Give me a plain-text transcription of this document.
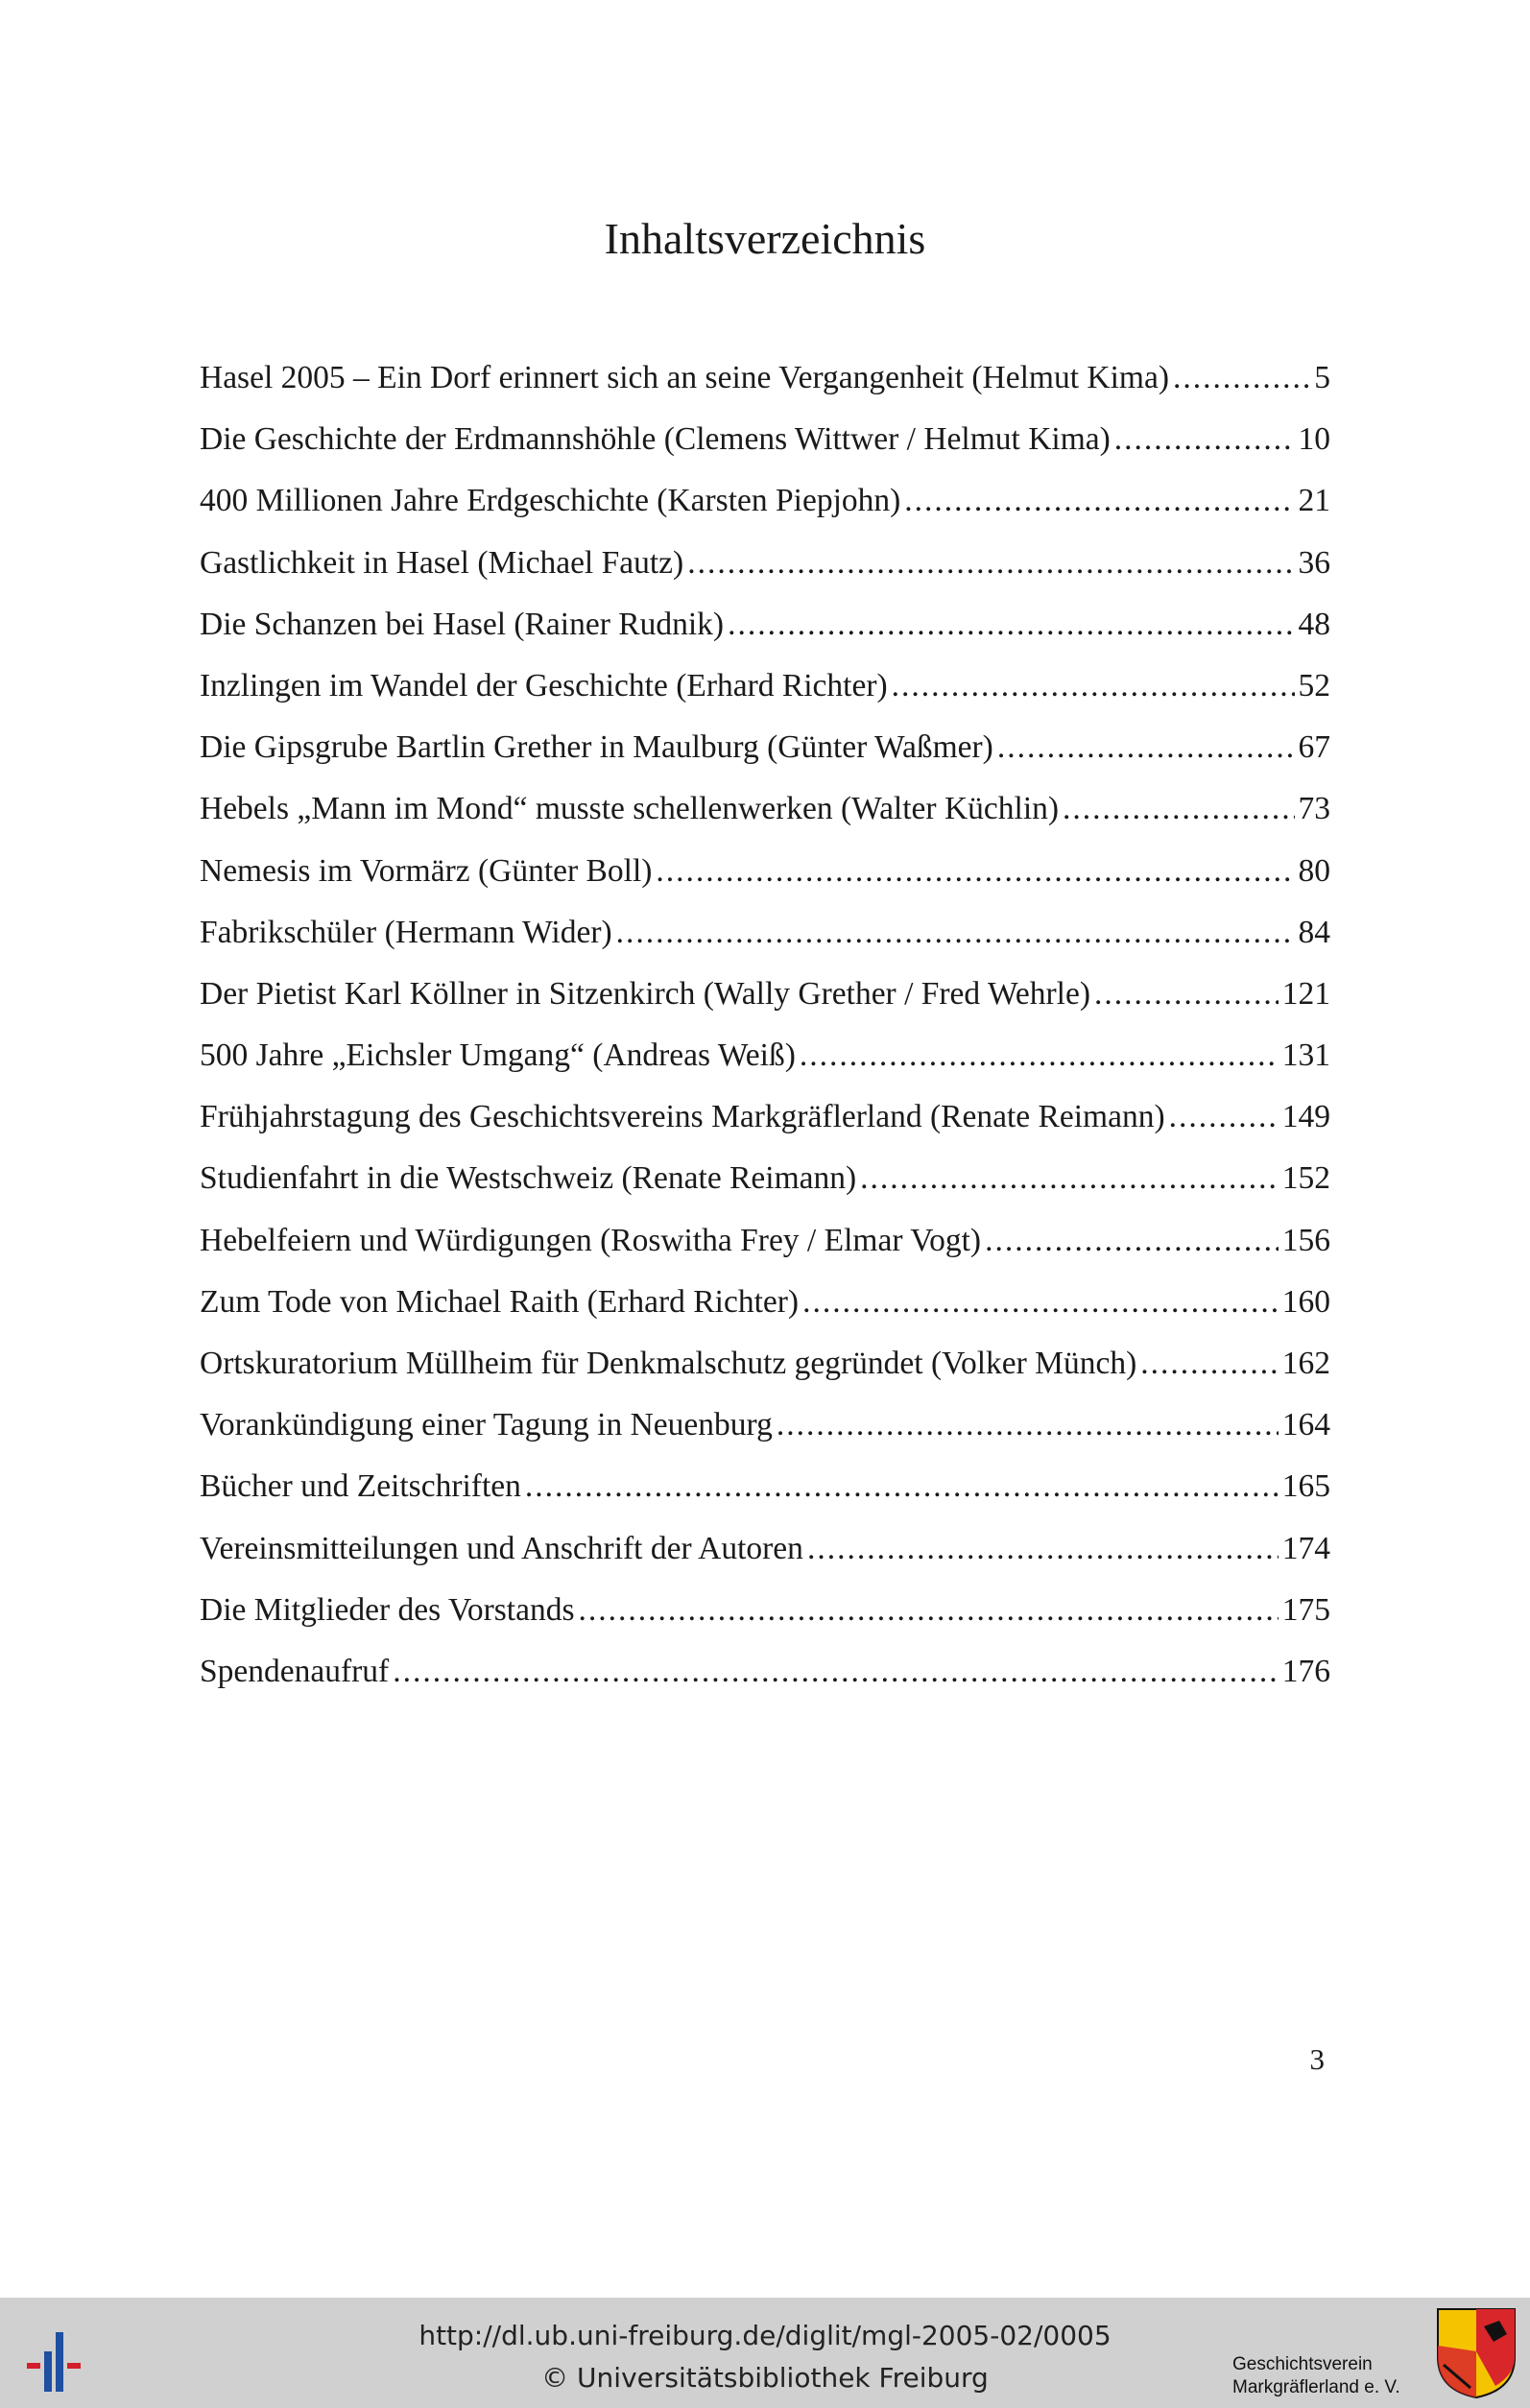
Inhaltsverzeichnis
Hasel 2005 – Ein Dorf erinnert sich an seine Vergangenheit (Helmut Kima) .....	5
Die Geschichte der Erdmannshöhle (Clemens Wittwer / Helmut Kima) .....	10
400 Millionen Jahre Erdgeschichte (Karsten Piepjohn) .....	21
Gastlichkeit in Hasel (Michael Fautz) .....	36
Die Schanzen bei Hasel (Rainer Rudnik) .....	48
Inzlingen im Wandel der Geschichte (Erhard Richter) .....	52
Die Gipsgrube Bartlin Grether in Maulburg (Günter Waßmer) .....	67
Hebels „Mann im Mond“ musste schellenwerken (Walter Küchlin) .....	73
Nemesis im Vormärz (Günter Boll) .....	80
Fabrikschüler (Hermann Wider) .....	84
Der Pietist Karl Köllner in Sitzenkirch (Wally Grether / Fred Wehrle) .....	121
500 Jahre „Eichsler Umgang“ (Andreas Weiß) .....	131
Frühjahrstagung des Geschichtsvereins Markgräflerland (Renate Reimann) .....	149
Studienfahrt in die Westschweiz (Renate Reimann) .....	152
Hebelfeiern und Würdigungen (Roswitha Frey / Elmar Vogt) .....	156
Zum Tode von Michael Raith (Erhard Richter) .....	160
Ortskuratorium Müllheim für Denkmalschutz gegründet (Volker Münch) .....	162
Vorankündigung einer Tagung in Neuenburg .....	164
Bücher und Zeitschriften .....	165
Vereinsmitteilungen und Anschrift der Autoren .....	174
Die Mitglieder des Vorstands .....	175
Spendenaufruf .....	176
3
http://dl.ub.uni-freiburg.de/diglit/mgl-2005-02/0005
© Universitätsbibliothek Freiburg	Geschichtsverein
Markgräflerland e. V.
